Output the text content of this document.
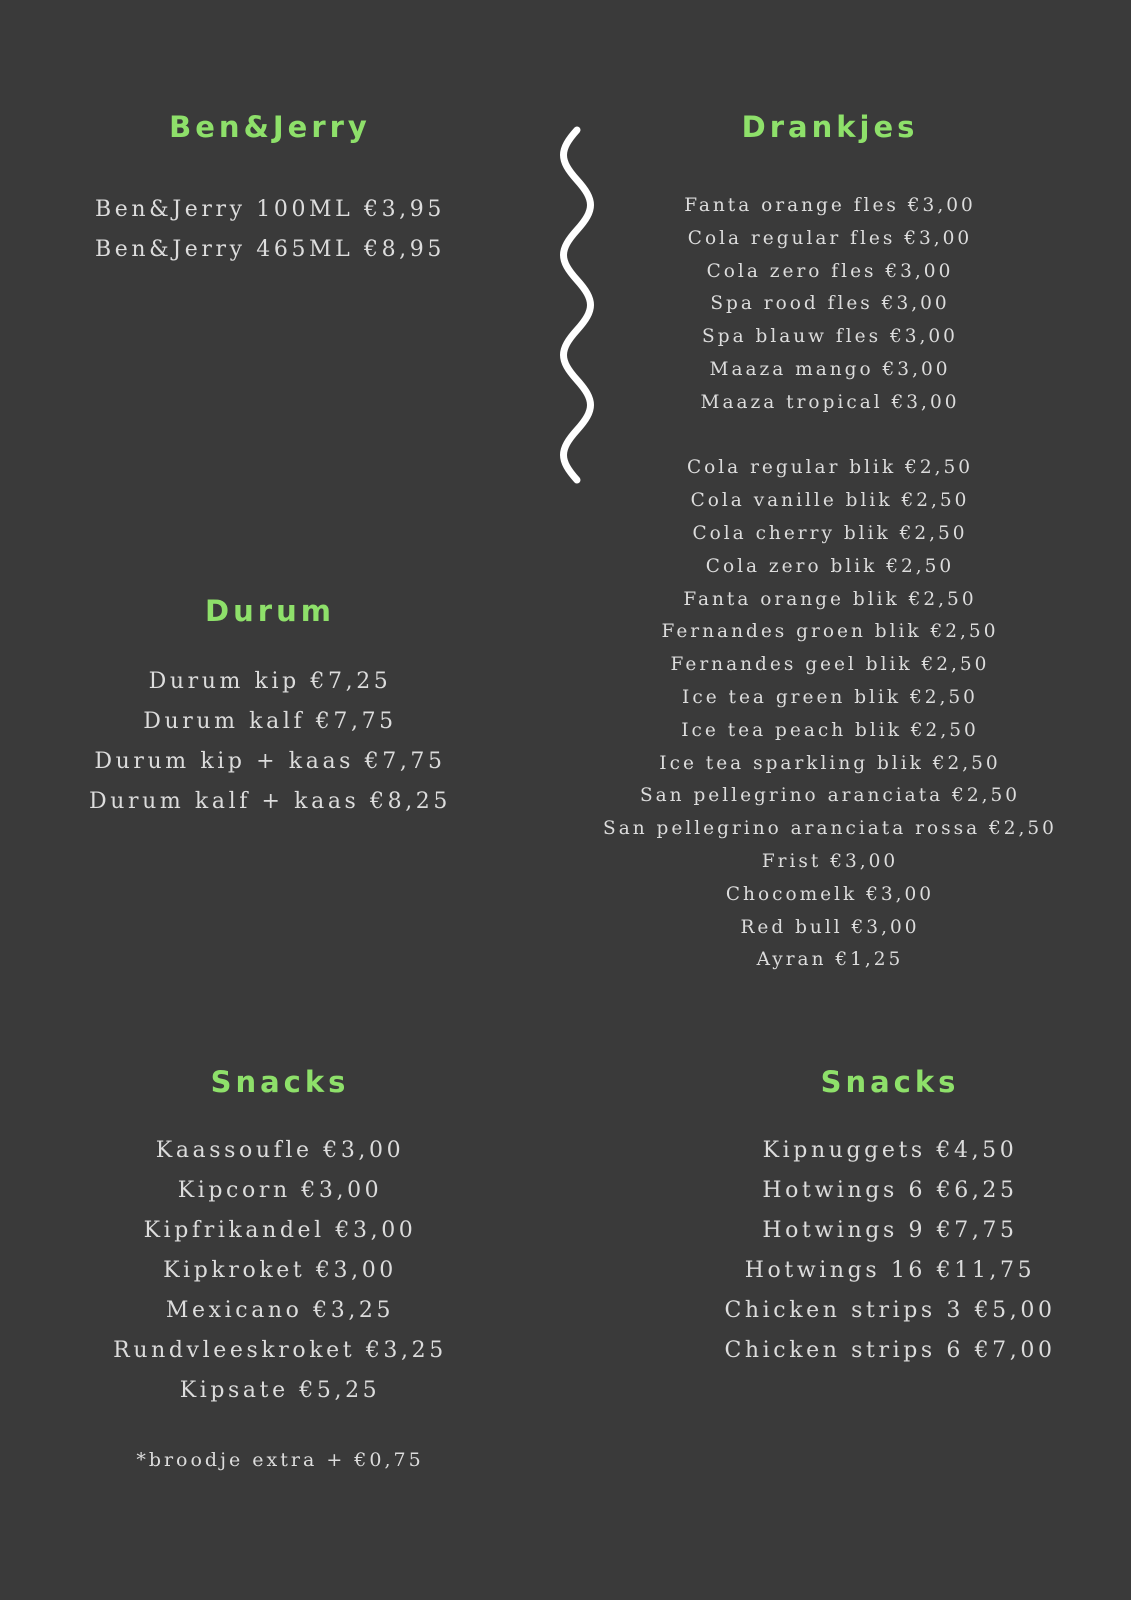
Ben&Jerry
Ben&Jerry 100ML €3,95
Ben&Jerry 465ML €8,95
Durum
Durum kip €7,25
Durum kalf €7,75
Durum kip + kaas €7,75
Durum kalf + kaas €8,25
Drankjes
Fanta orange fles €3,00
Cola regular fles €3,00
Cola zero fles €3,00
Spa rood fles €3,00
Spa blauw fles €3,00
Maaza mango €3,00
Maaza tropical €3,00
Cola regular blik €2,50
Cola vanille blik €2,50
Cola cherry blik €2,50
Cola zero blik €2,50
Fanta orange blik €2,50
Fernandes groen blik €2,50
Fernandes geel blik €2,50
Ice tea green blik €2,50
Ice tea peach blik €2,50
Ice tea sparkling blik €2,50
San pellegrino aranciata €2,50
San pellegrino aranciata rossa €2,50
Frist €3,00
Chocomelk €3,00
Red bull €3,00
Ayran €1,25
Snacks
Kaassoufle €3,00
Kipcorn €3,00
Kipfrikandel €3,00
Kipkroket €3,00
Mexicano €3,25
Rundvleeskroket €3,25
Kipsate €5,25
*broodje extra + €0,75
Snacks
Kipnuggets €4,50
Hotwings 6 €6,25
Hotwings 9 €7,75
Hotwings 16 €11,75
Chicken strips 3 €5,00
Chicken strips 6 €7,00
